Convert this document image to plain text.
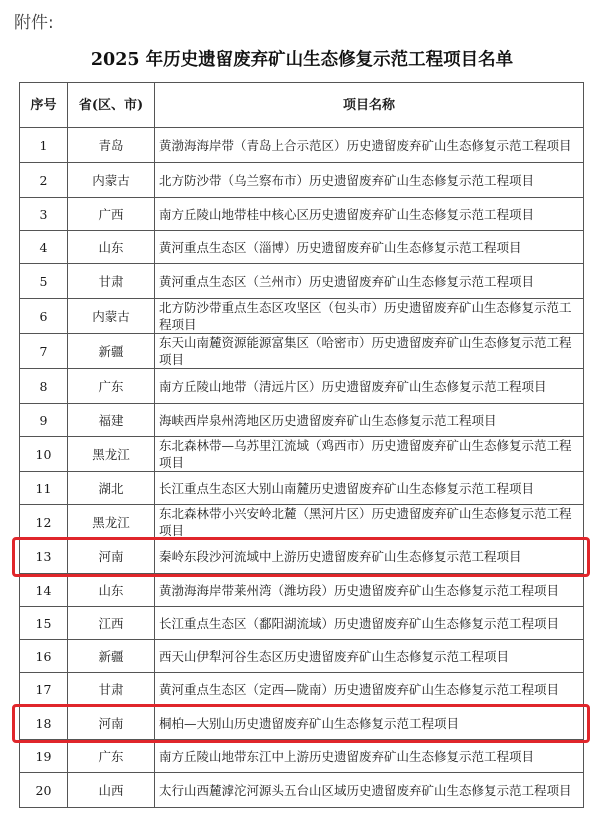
附件:
2025 年历史遗留废弃矿山生态修复示范工程项目名单
序号	省(区、市)	项目名称
1	青岛	黄渤海海岸带（青岛上合示范区）历史遗留废弃矿山生态修复示范工程项目
2	内蒙古	北方防沙带（乌兰察布市）历史遗留废弃矿山生态修复示范工程项目
3	广西	南方丘陵山地带桂中核心区历史遗留废弃矿山生态修复示范工程项目
4	山东	黄河重点生态区（淄博）历史遗留废弃矿山生态修复示范工程项目
5	甘肃	黄河重点生态区（兰州市）历史遗留废弃矿山生态修复示范工程项目
6	内蒙古	北方防沙带重点生态区攻坚区（包头市）历史遗留废弃矿山生态修复示范工程项目
7	新疆	东天山南麓资源能源富集区（哈密市）历史遗留废弃矿山生态修复示范工程项目
8	广东	南方丘陵山地带（清远片区）历史遗留废弃矿山生态修复示范工程项目
9	福建	海峡西岸泉州湾地区历史遗留废弃矿山生态修复示范工程项目
10	黑龙江	东北森林带—乌苏里江流域（鸡西市）历史遗留废弃矿山生态修复示范工程项目
11	湖北	长江重点生态区大别山南麓历史遗留废弃矿山生态修复示范工程项目
12	黑龙江	东北森林带小兴安岭北麓（黑河片区）历史遗留废弃矿山生态修复示范工程项目
13	河南	秦岭东段沙河流域中上游历史遗留废弃矿山生态修复示范工程项目
14	山东	黄渤海海岸带莱州湾（潍坊段）历史遗留废弃矿山生态修复示范工程项目
15	江西	长江重点生态区（鄱阳湖流域）历史遗留废弃矿山生态修复示范工程项目
16	新疆	西天山伊犁河谷生态区历史遗留废弃矿山生态修复示范工程项目
17	甘肃	黄河重点生态区（定西—陇南）历史遗留废弃矿山生态修复示范工程项目
18	河南	桐柏—大别山历史遗留废弃矿山生态修复示范工程项目
19	广东	南方丘陵山地带东江中上游历史遗留废弃矿山生态修复示范工程项目
20	山西	太行山西麓滹沱河源头五台山区域历史遗留废弃矿山生态修复示范工程项目
